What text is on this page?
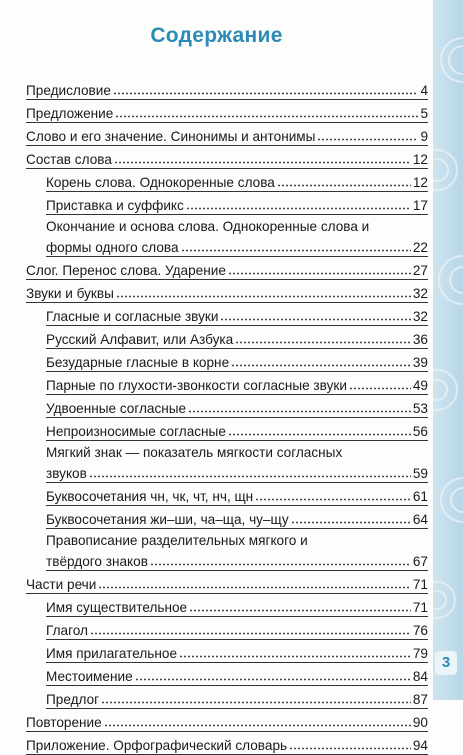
Содержание
Предисловие	4
Предложение	5
Слово и его значение. Синонимы и антонимы	9
Состав слова	12
Корень слова. Однокоренные слова	12
Приставка и суффикс	17
Окончание и основа слова. Однокоренные слова и
формы одного слова	22
Слог. Перенос слова. Ударение	27
Звуки и буквы	32
Гласные и согласные звуки	32
Русский Алфавит, или Азбука	36
Безударные гласные в корне	39
Парные по глухости-звонкости согласные звуки	49
Удвоенные согласные	53
Непроизносимые согласные	56
Мягкий знак — показатель мягкости согласных
звуков	59
Буквосочетания чн, чк, чт, нч, щн	61
Буквосочетания жи–ши, ча–ща, чу–щу	64
Правописание разделительных мягкого и
твёрдого знаков	67
Части речи	71
Имя существительное	71
Глагол	76
Имя прилагательное	79
Местоимение	84
Предлог	87
Повторение	90
Приложение. Орфографический словарь	94
3
